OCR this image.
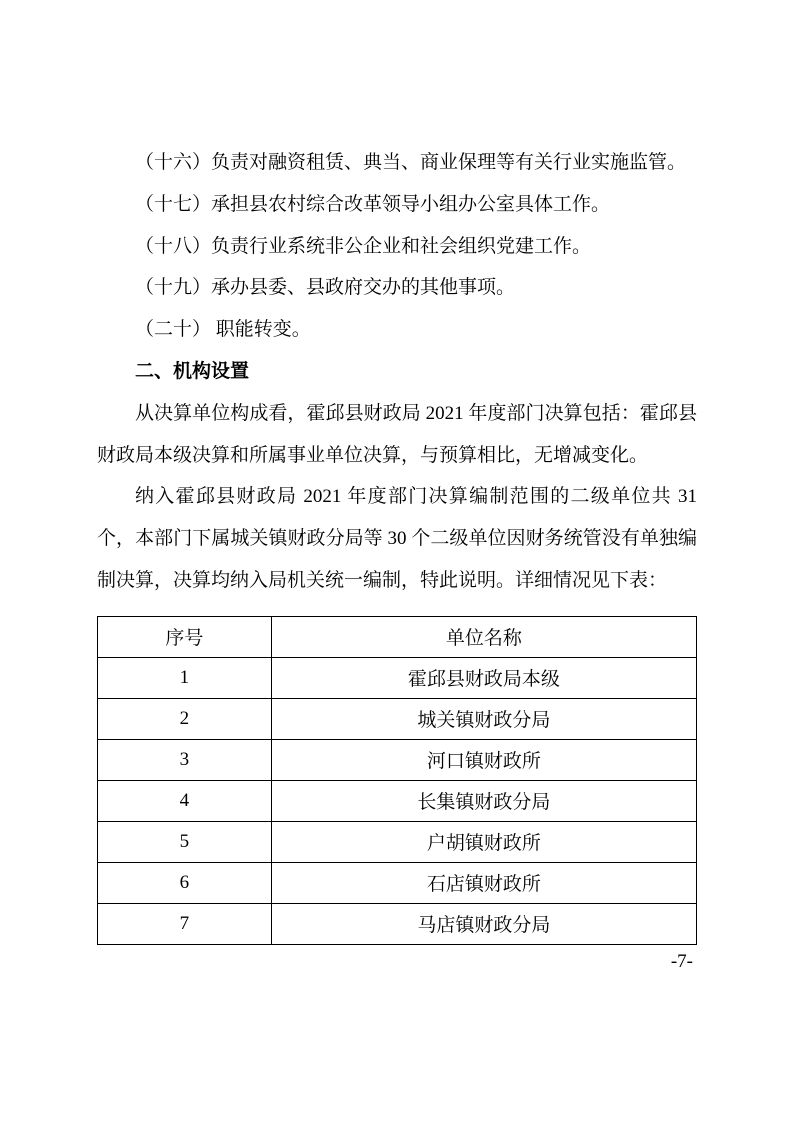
（十六）负责对融资租赁、典当、商业保理等有关行业实施监管。

（十七）承担县农村综合改革领导小组办公室具体工作。

（十八）负责行业系统非公企业和社会组织党建工作。

（十九）承办县委、县政府交办的其他事项。

（二十） 职能转变。

二、机构设置

从决算单位构成看，霍邱县财政局 2021 年度部门决算包括：霍邱县财政局本级决算和所属事业单位决算，与预算相比，无增减变化。

纳入霍邱县财政局 2021 年度部门决算编制范围的二级单位共 31 个，本部门下属城关镇财政分局等 30 个二级单位因财务统管没有单独编制决算，决算均纳入局机关统一编制，特此说明。详细情况见下表：

序号	单位名称
1	霍邱县财政局本级
2	城关镇财政分局
3	河口镇财政所
4	长集镇财政分局
5	户胡镇财政所
6	石店镇财政所
7	马店镇财政分局
-7-
